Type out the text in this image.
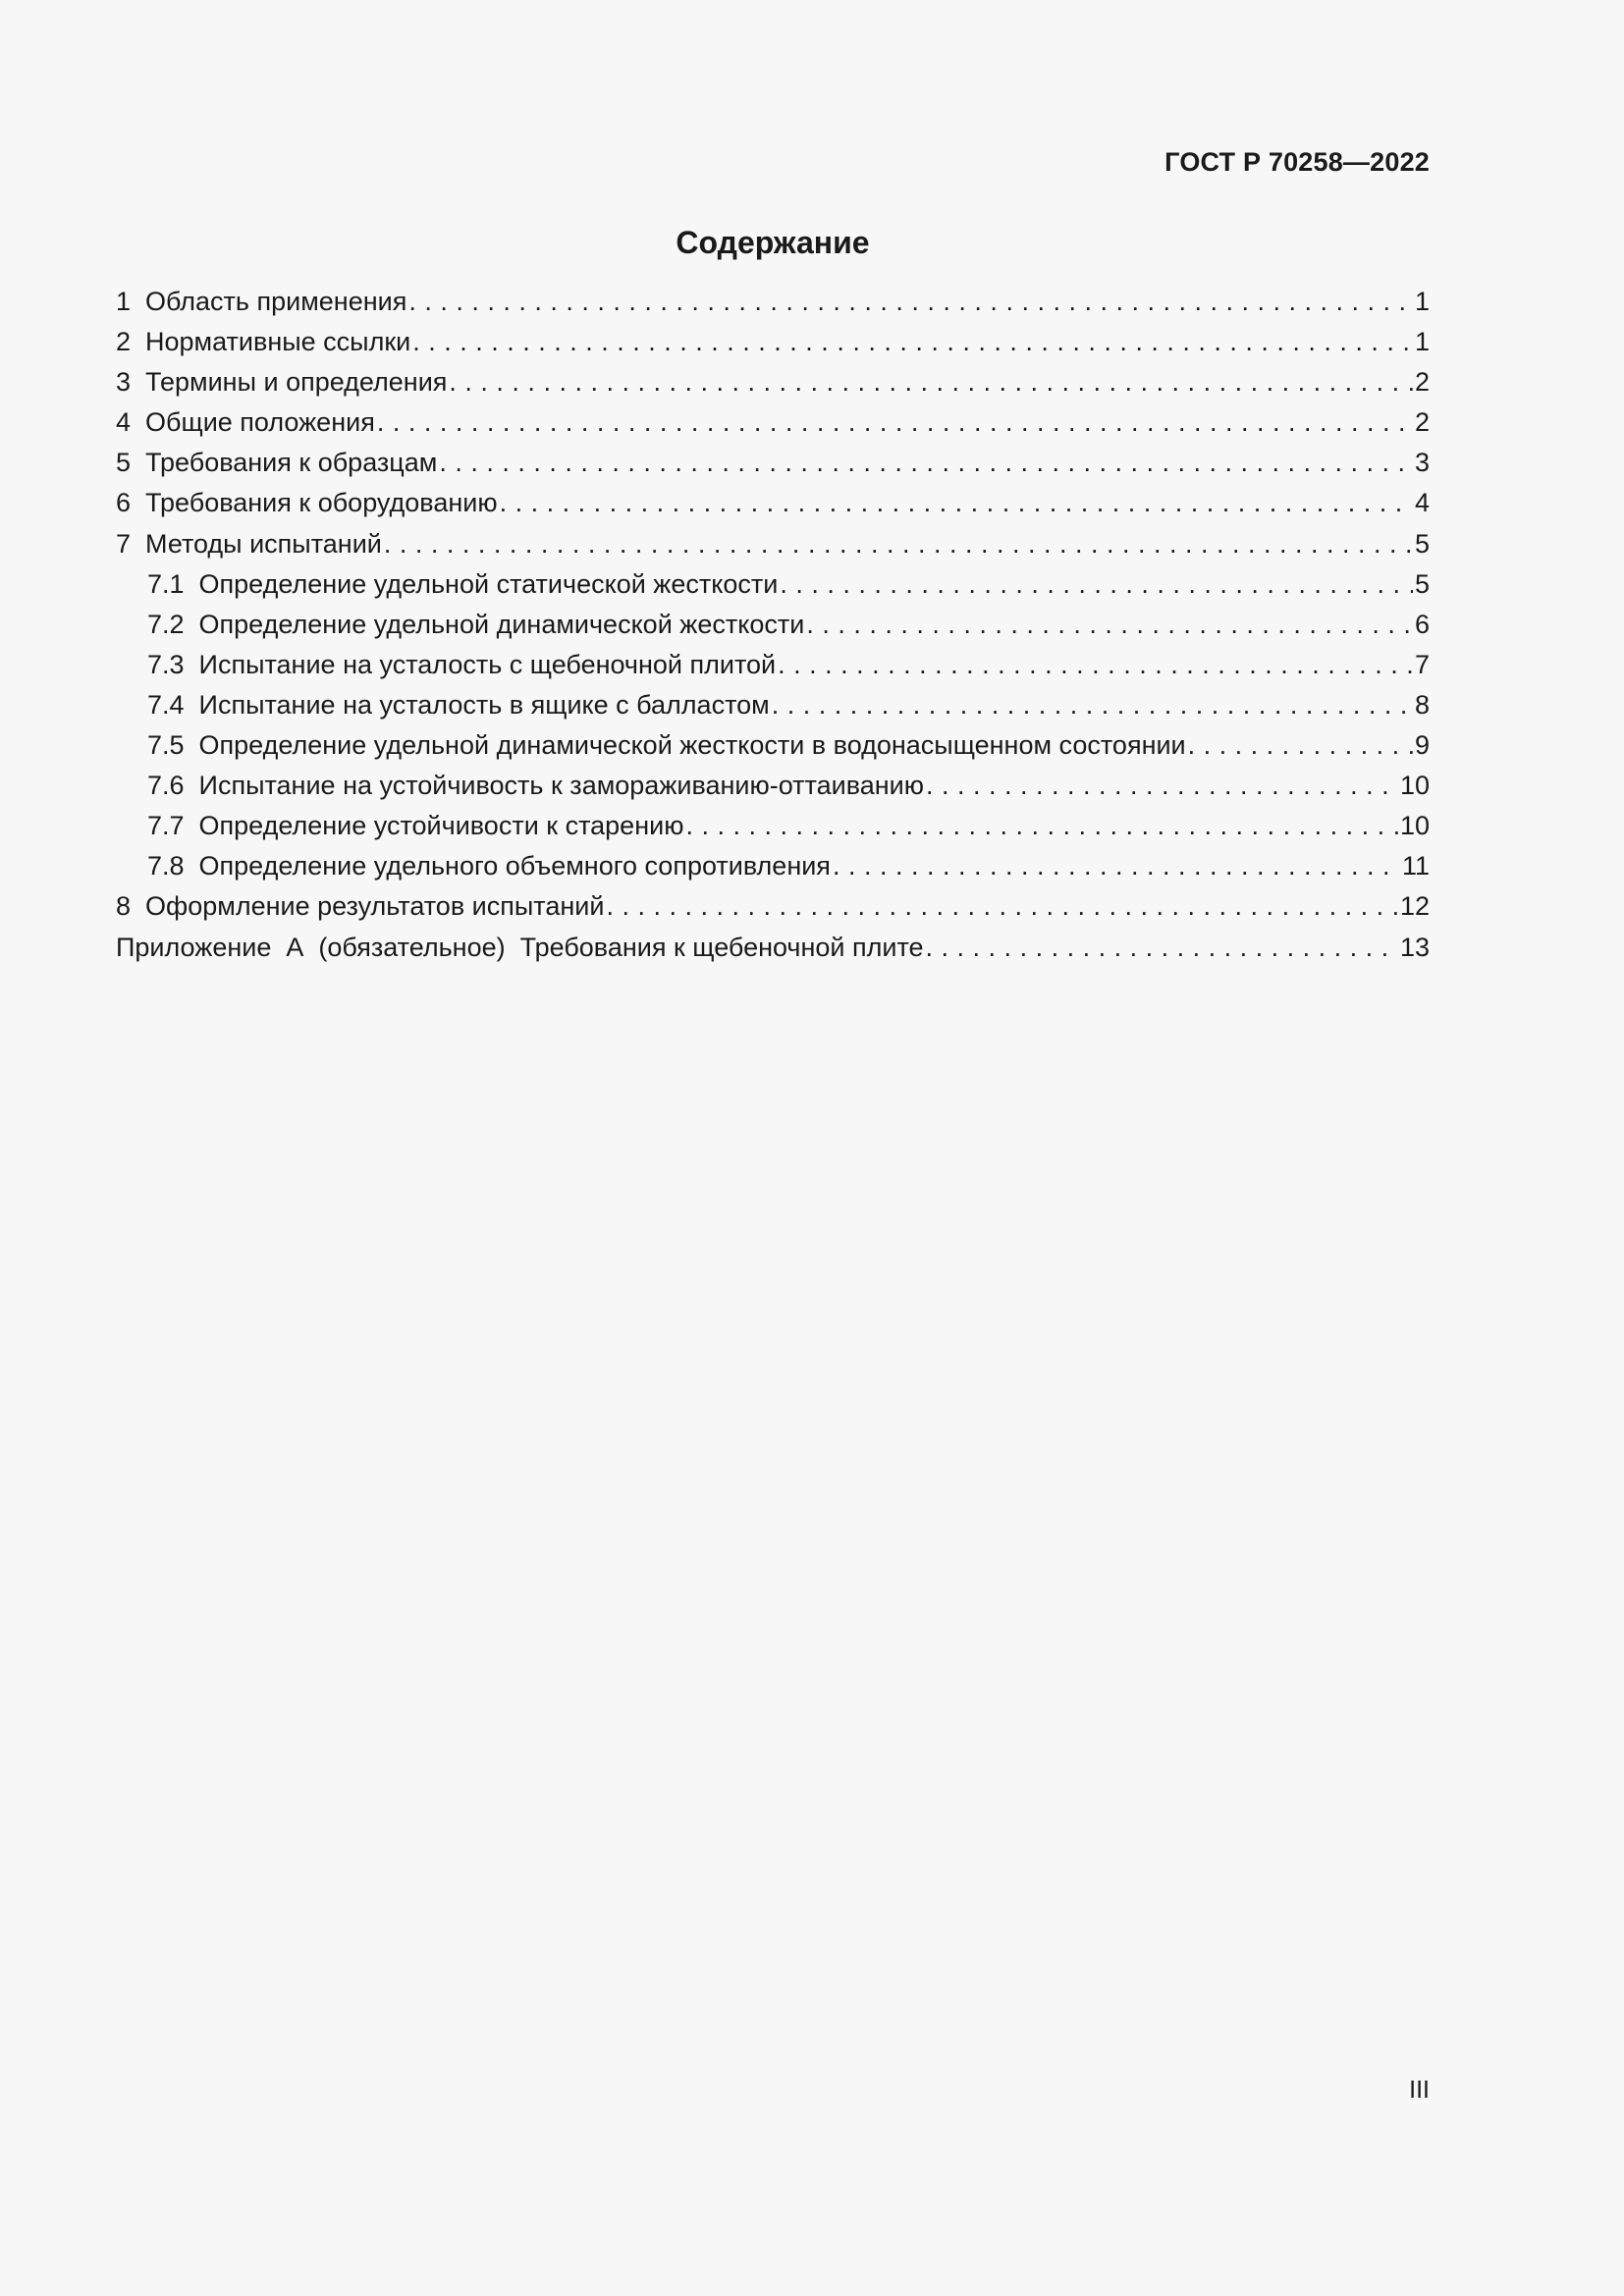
ГОСТ Р 70258—2022
Содержание
1 Область применения . . .	1
2 Нормативные ссылки . . .	1
3 Термины и определения . . .	2
4 Общие положения . . .	2
5 Требования к образцам . . .	3
6 Требования к оборудованию . . .	4
7 Методы испытаний . . .	5
7.1 Определение удельной статической жесткости . . .	5
7.2 Определение удельной динамической жесткости . . .	6
7.3 Испытание на усталость с щебеночной плитой . . .	7
7.4 Испытание на усталость в ящике с балластом . . .	8
7.5 Определение удельной динамической жесткости в водонасыщенном состоянии . . .	9
7.6 Испытание на устойчивость к замораживанию-оттаиванию . . .	10
7.7 Определение устойчивости к старению . . .	10
7.8 Определение удельного объемного сопротивления . . .	11
8 Оформление результатов испытаний . . .	12
Приложение  А  (обязательное)  Требования к щебеночной плите . . .	13
III
